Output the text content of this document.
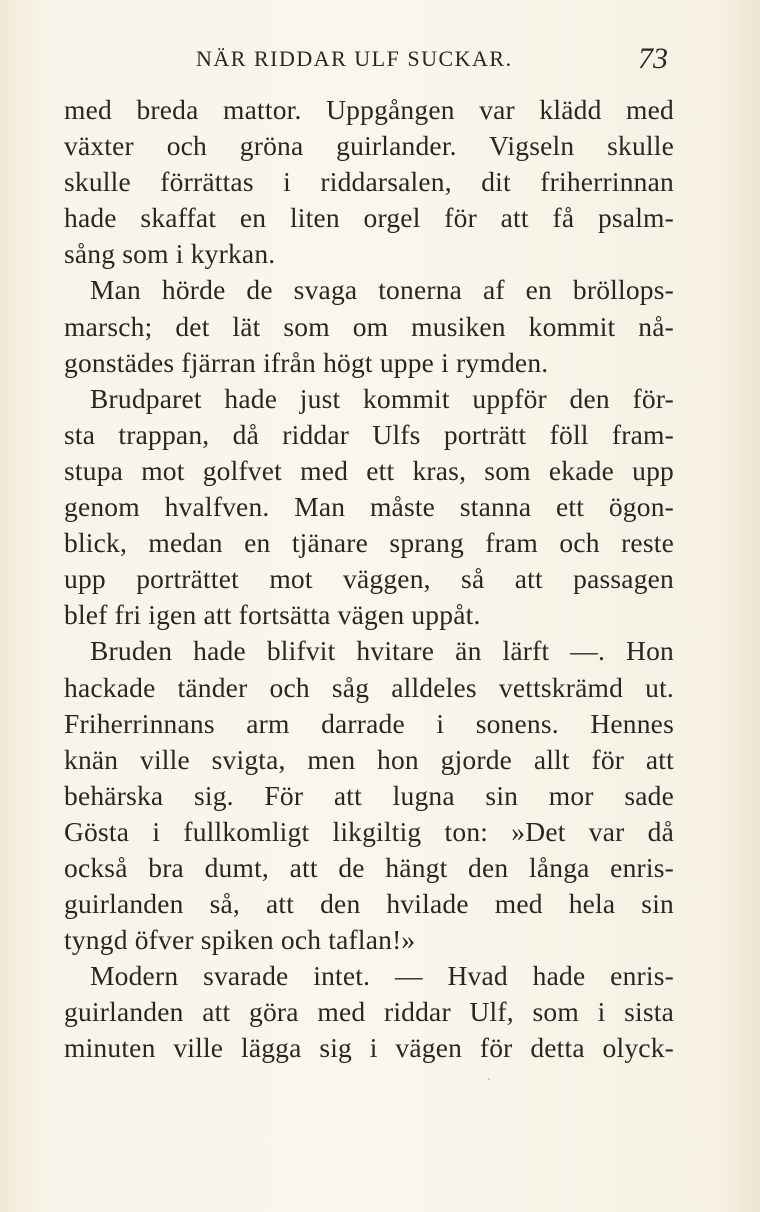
NÄR RIDDAR ULF SUCKAR.	73
med breda mattor. Uppgången var klädd med
växter och gröna guirlander. Vigseln skulle
skulle förrättas i riddarsalen, dit friherrinnan
hade skaffat en liten orgel för att få psalm-
sång som i kyrkan.
Man hörde de svaga tonerna af en bröllops-
marsch; det lät som om musiken kommit nå-
gonstädes fjärran ifrån högt uppe i rymden.
Brudparet hade just kommit uppför den för-
sta trappan, då riddar Ulfs porträtt föll fram-
stupa mot golfvet med ett kras, som ekade upp
genom hvalfven. Man måste stanna ett ögon-
blick, medan en tjänare sprang fram och reste
upp porträttet mot väggen, så att passagen
blef fri igen att fortsätta vägen uppåt.
Bruden hade blifvit hvitare än lärft —. Hon
hackade tänder och såg alldeles vettskrämd ut.
Friherrinnans arm darrade i sonens. Hennes
knän ville svigta, men hon gjorde allt för att
behärska sig. För att lugna sin mor sade
Gösta i fullkomligt likgiltig ton: »Det var då
också bra dumt, att de hängt den långa enris-
guirlanden så, att den hvilade med hela sin
tyngd öfver spiken och taflan!»
Modern svarade intet. — Hvad hade enris-
guirlanden att göra med riddar Ulf, som i sista
minuten ville lägga sig i vägen för detta olyck-
